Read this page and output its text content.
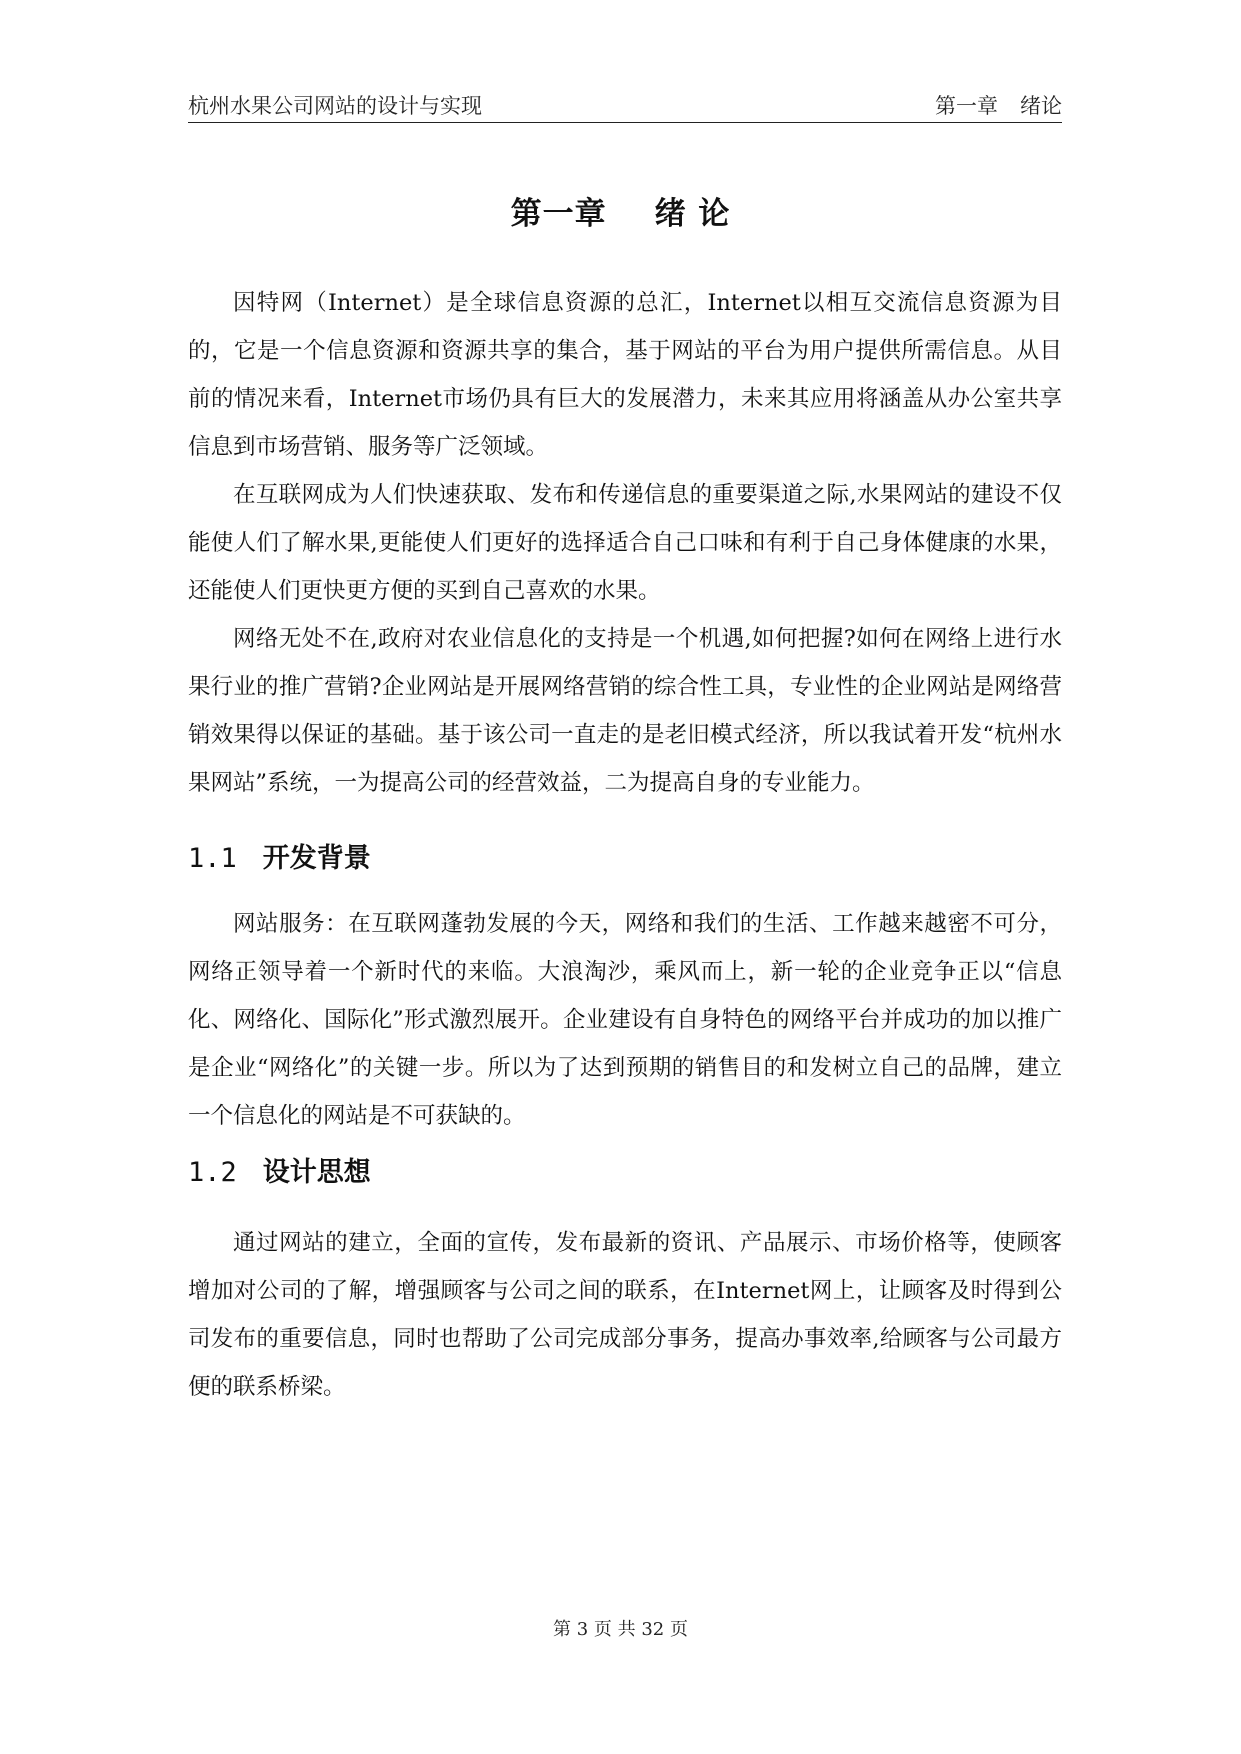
杭州水果公司网站的设计与实现	第一章 绪论
第一章 绪 论

因特网（Internet）是全球信息资源的总汇，Internet以相互交流信息资源为目的，它是一个信息资源和资源共享的集合，基于网站的平台为用户提供所需信息。从目前的情况来看，Internet市场仍具有巨大的发展潜力，未来其应用将涵盖从办公室共享信息到市场营销、服务等广泛领域。

在互联网成为人们快速获取、发布和传递信息的重要渠道之际,水果网站的建设不仅能使人们了解水果,更能使人们更好的选择适合自己口味和有利于自己身体健康的水果，还能使人们更快更方便的买到自己喜欢的水果。

网络无处不在,政府对农业信息化的支持是一个机遇,如何把握?如何在网络上进行水果行业的推广营销?企业网站是开展网络营销的综合性工具，专业性的企业网站是网络营销效果得以保证的基础。基于该公司一直走的是老旧模式经济，所以我试着开发“杭州水果网站”系统，一为提高公司的经营效益，二为提高自身的专业能力。

1.1 开发背景

网站服务：在互联网蓬勃发展的今天，网络和我们的生活、工作越来越密不可分，网络正领导着一个新时代的来临。大浪淘沙，乘风而上，新一轮的企业竞争正以“信息化、网络化、国际化”形式激烈展开。企业建设有自身特色的网络平台并成功的加以推广是企业“网络化”的关键一步。所以为了达到预期的销售目的和发树立自己的品牌，建立一个信息化的网站是不可获缺的。

1.2 设计思想

通过网站的建立，全面的宣传，发布最新的资讯、产品展示、市场价格等，使顾客增加对公司的了解，增强顾客与公司之间的联系，在Internet网上，让顾客及时得到公司发布的重要信息，同时也帮助了公司完成部分事务，提高办事效率,给顾客与公司最方便的联系桥梁。

第 3 页 共 32 页
